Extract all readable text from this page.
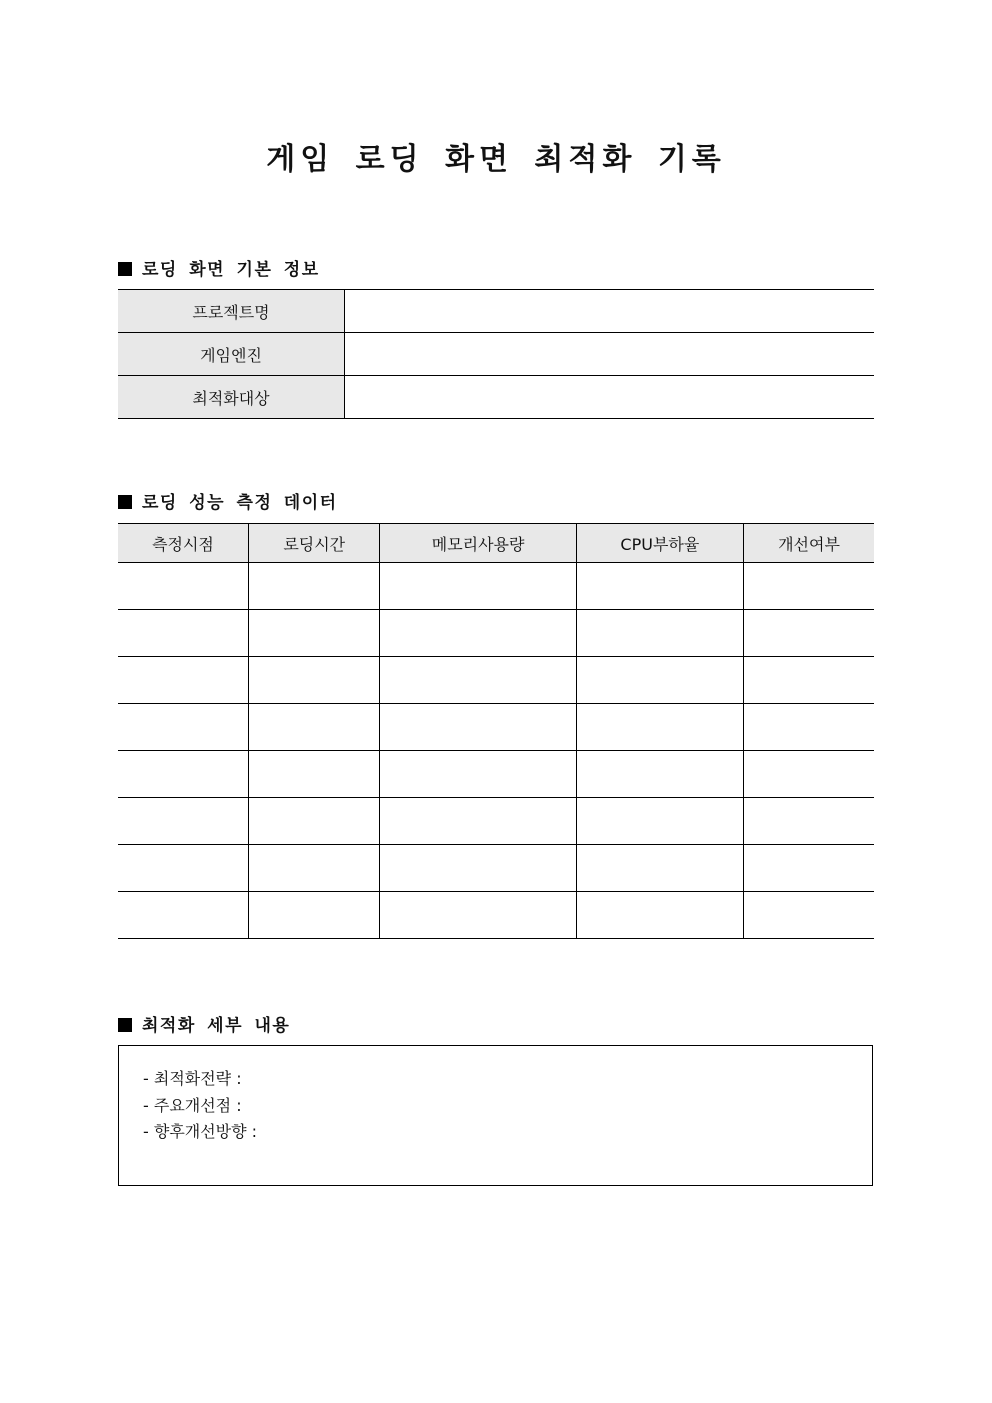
게임 로딩 화면 최적화 기록
로딩 화면 기본 정보
프로젝트명	
게임엔진	
최적화대상	
로딩 성능 측정 데이터
측정시점	로딩시간	메모리사용량	CPU부하율	개선여부

최적화 세부 내용
- 최적화전략 :
- 주요개선점 :
- 향후개선방향 :
